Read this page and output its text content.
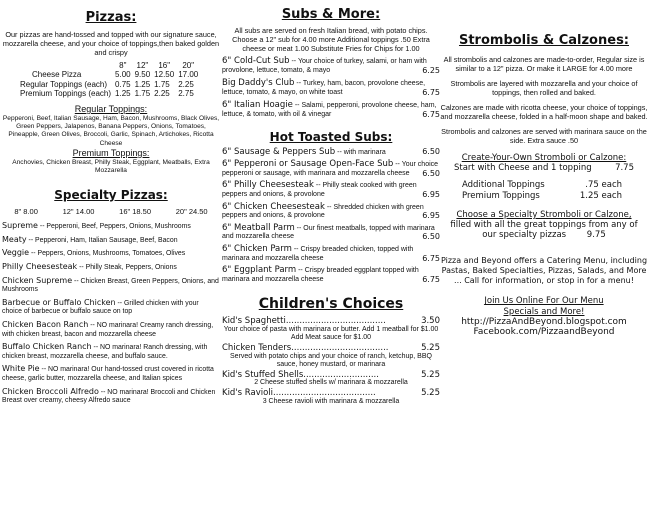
Pizzas:
Our pizzas are hand-tossed and topped with our signature sauce, mozzarella cheese, and your choice of toppings,then baked golden and crispy
	8"	12"	16"	20"
Cheese Pizza	5.00	9.50	12.50	17.00

Regular Toppings (each)	0.75	1.25	1.75	2.25
Premium Toppings (each)	1.25	1.75	2.25	2.75
Regular Toppings:
Pepperoni, Beef, Italian Sausage, Ham, Bacon, Mushrooms, Black Olives, Green Peppers, Jalapenos, Banana Peppers, Onions, Tomatoes, Pineapple, Green Olives, Broccoli, Garlic, Spinach, Artichokes, Ricotta Cheese
Premium Toppings:
Anchovies, Chicken Breast, Philly Steak, Eggplant, Meatballs, Extra Mozzarella
Specialty Pizzas:
8" 8.00	12" 14.00	16" 18.50	20" 24.50
Supreme -- Pepperoni, Beef, Peppers, Onions, Mushrooms
Meaty -- Pepperoni, Ham, Italian Sausage, Beef, Bacon
Veggie -- Peppers, Onions, Mushrooms, Tomatoes, Olives
Philly Cheesesteak -- Philly Steak, Peppers, Onions
Chicken Supreme -- Chicken Breast, Green Peppers, Onions, and Mushrooms
Barbecue or Buffalo Chicken -- Grilled chicken with your choice of barbecue or buffalo sauce on top
Chicken Bacon Ranch -- NO marinara! Creamy ranch dressing, with chicken breast, bacon and mozzarella cheese
Buffalo Chicken Ranch -- NO marinara! Ranch dressing, with chicken breast, mozzarella cheese, and buffalo sauce.
White Pie -- NO marinara! Our hand-tossed crust covered in ricotta cheese, garlic butter, mozzarella cheese, and Italian spices
Chicken Broccoli Alfredo -- NO marinara! Broccoli and Chicken Breast over creamy, cheesy Alfredo sauce
Subs & More:
All subs are served on fresh Italian bread, with potato chips. Choose a 12" sub for 4.00 more Additional toppings .50 Extra cheese or meat 1.00 Substitute Fries for Chips for 1.00
6" Cold-Cut Sub -- Your choice of turkey, salami, or ham with provolone, lettuce, tomato, & mayo	6.25
Big Daddy's Club -- Turkey, ham, bacon, provolone cheese, lettuce, tomato, & mayo, on white toast	6.75
6" Italian Hoagie -- Salami, pepperoni, provolone cheese, ham, lettuce, & tomato, with oil & vinegar	6.75
Hot Toasted Subs:
6" Sausage & Peppers Sub -- with marinara	6.50
6" Pepperoni or Sausage Open-Face Sub -- Your choice pepperoni or sausage, with marinara and mozzarella cheese 6.50
6" Philly Cheesesteak -- Philly steak cooked with green peppers and onions, & provolone	6.95
6" Chicken Cheesesteak -- Shredded chicken with green peppers and onions, & provolone	6.95
6" Meatball Parm -- Our finest meatballs, topped with marinara and mozzarella cheese	6.50
6" Chicken Parm -- Crispy breaded chicken, topped with marinara and mozzarella cheese	6.75
6" Eggplant Parm -- Crispy breaded eggplant topped with marinara and mozzarella cheese	6.75
Children's Choices
Kid's Spaghetti .....................................	3.50
Your choice of pasta with marinara or butter. Add 1 meatball for $1.00 Add Meat sauce for $1.00
Chicken Tenders ....................................	5.25
Served with potato chips and your choice of ranch, ketchup, BBQ sauce, honey mustard, or marinara
Kid's Stuffed Shells ............................	5.25
2 Cheese stuffed shells w/ marinara & mozzarella
Kid's Ravioli ......................................	5.25
3 Cheese ravioli with marinara & mozzarella
Strombolis & Calzones:
All strombolis and calzones are made-to-order, Regular size is similar to a 12" pizza. Or make it LARGE for 4.00 more
Strombolis are layered with mozzarella and your choice of toppings, then rolled and baked.
Calzones are made with ricotta cheese, your choice of toppings, and mozzarella cheese, folded in a half-moon shape and baked.
Strombolis and calzones are served with marinara sauce on the side. Extra sauce .50
Create-Your-Own Stromboli or Calzone:
Start with Cheese and 1 topping	7.75
Additional Toppings	.75 each
Premium Toppings	1.25 each
Choose a Specialty Stromboli or Calzone,
filled with all the great toppings from any of our specialty pizzas 9.75
Pizza and Beyond offers a Catering Menu, including Pastas, Baked Specialties, Pizzas, Salads, and More ... Call for information, or stop in for a menu!
Join Us Online For Our Menu
Specials and More!
http://PizzaAndBeyond.blogspot.com
Facebook.com/PizzaandBeyond
